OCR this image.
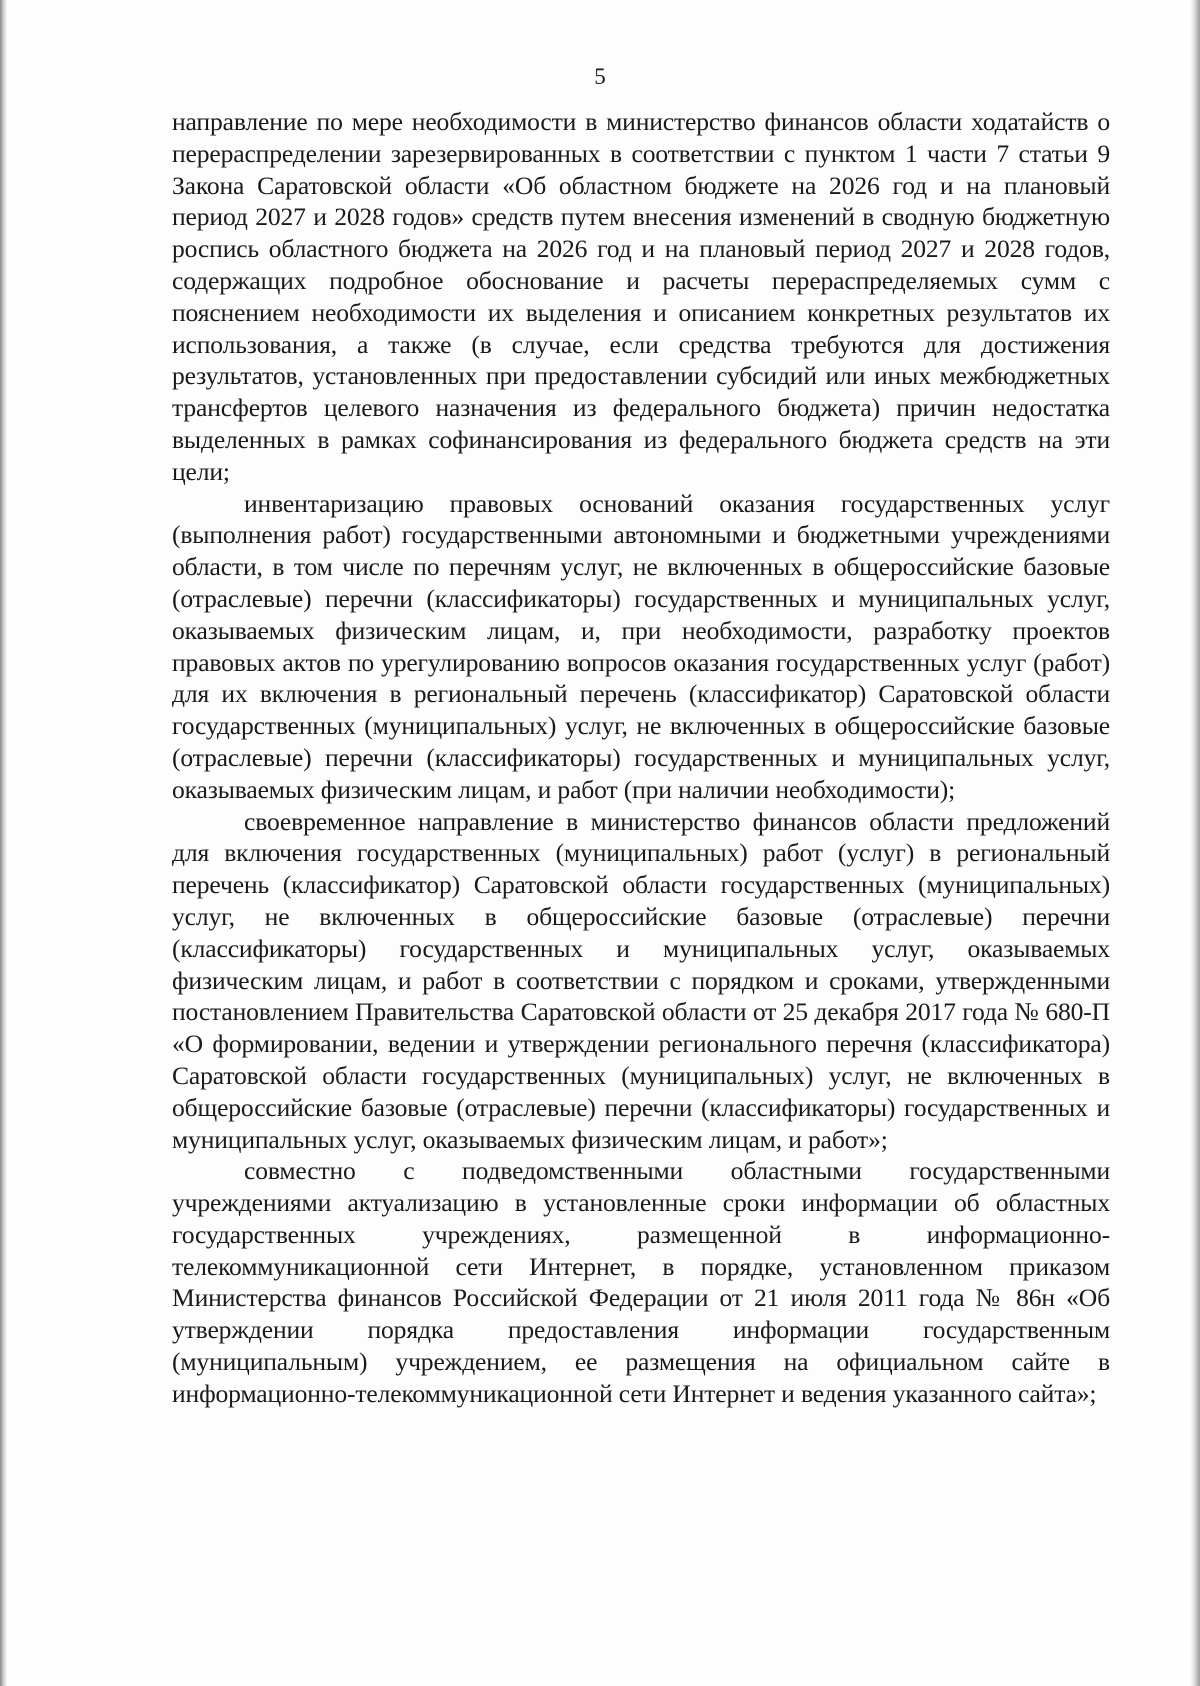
5

направление по мере необходимости в министерство финансов области ходатайств о перераспределении зарезервированных в соответствии с пунктом 1 части 7 статьи 9 Закона Саратовской области «Об областном бюджете на 2026 год и на плановый период 2027 и 2028 годов» средств путем внесения изменений в сводную бюджетную роспись областного бюджета на 2026 год и на плановый период 2027 и 2028 годов, содержащих подробное обоснование и расчеты перераспределяемых сумм с пояснением необходимости их выделения и описанием конкретных результатов их использования, а также (в случае, если средства требуются для достижения результатов, установленных при предоставлении субсидий или иных межбюджетных трансфертов целевого назначения из федерального бюджета) причин недостатка выделенных в рамках софинансирования из федерального бюджета средств на эти цели;

инвентаризацию правовых оснований оказания государственных услуг (выполнения работ) государственными автономными и бюджетными учреждениями области, в том числе по перечням услуг, не включенных в общероссийские базовые (отраслевые) перечни (классификаторы) государственных и муниципальных услуг, оказываемых физическим лицам, и, при необходимости, разработку проектов правовых актов по урегулированию вопросов оказания государственных услуг (работ) для их включения в региональный перечень (классификатор) Саратовской области государственных (муниципальных) услуг, не включенных в общероссийские базовые (отраслевые) перечни (классификаторы) государственных и муниципальных услуг, оказываемых физическим лицам, и работ (при наличии необходимости);

своевременное направление в министерство финансов области предложений для включения государственных (муниципальных) работ (услуг) в региональный перечень (классификатор) Саратовской области государственных (муниципальных) услуг, не включенных в общероссийские базовые (отраслевые) перечни (классификаторы) государственных и муниципальных услуг, оказываемых физическим лицам, и работ в соответствии с порядком и сроками, утвержденными постановлением Правительства Саратовской области от 25 декабря 2017 года № 680-П «О формировании, ведении и утверждении регионального перечня (классификатора) Саратовской области государственных (муниципальных) услуг, не включенных в общероссийские базовые (отраслевые) перечни (классификаторы) государственных и муниципальных услуг, оказываемых физическим лицам, и работ»;

совместно с подведомственными областными государственными учреждениями актуализацию в установленные сроки информации об областных государственных учреждениях, размещенной в информационно-телекоммуникационной сети Интернет, в порядке, установленном приказом Министерства финансов Российской Федерации от 21 июля 2011 года № 86н «Об утверждении порядка предоставления информации государственным (муниципальным) учреждением, ее размещения на официальном сайте в информационно-телекоммуникационной сети Интернет и ведения указанного сайта»;
